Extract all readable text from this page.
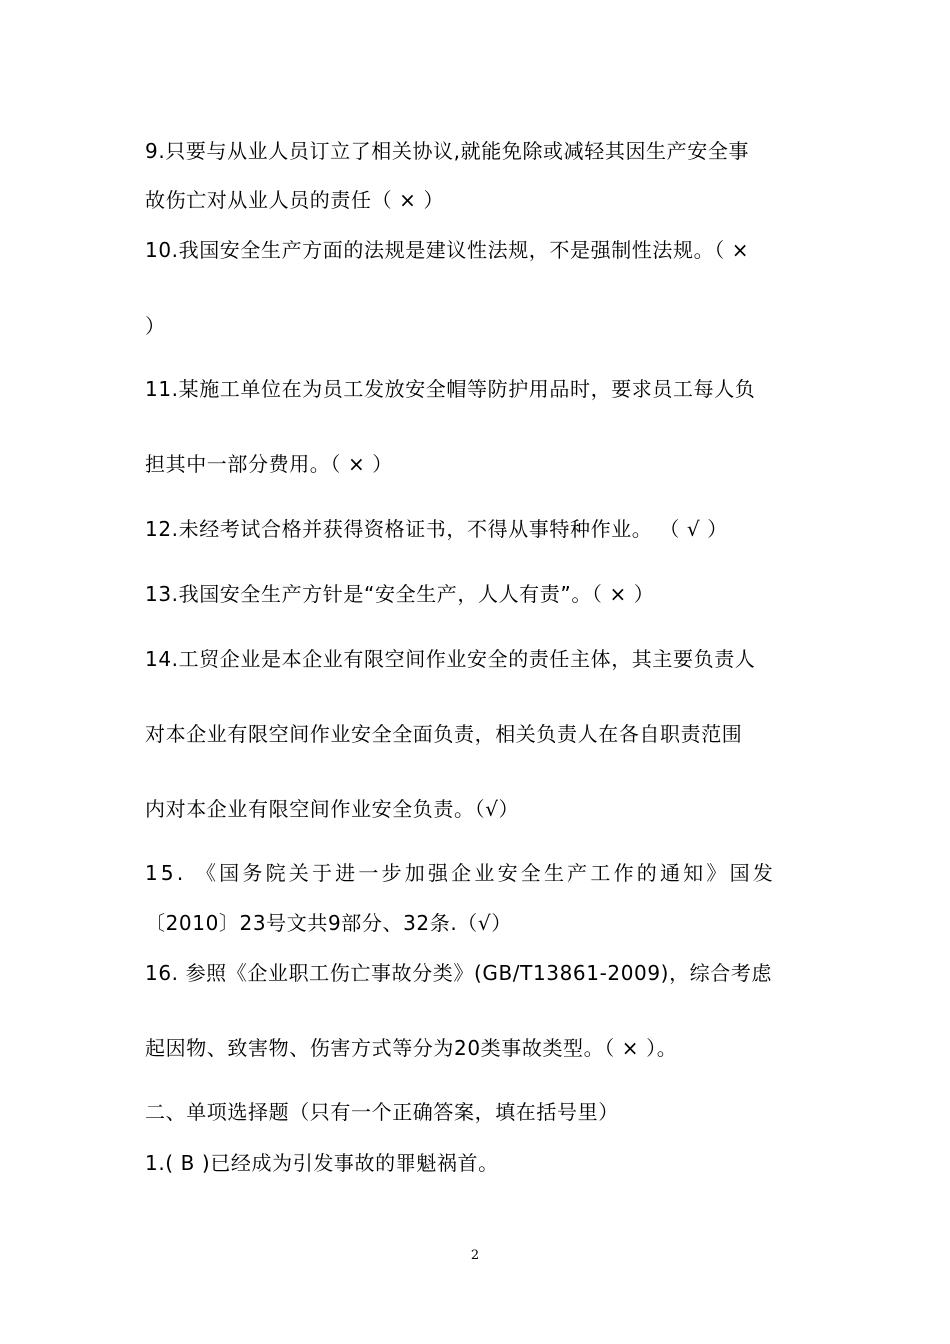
9.只要与从业人员订立了相关协议,就能免除或减轻其因生产安全事
故伤亡对从业人员的责任（ × ）
10.我国安全生产方面的法规是建议性法规，不是强制性法规。（ ×
）
11.某施工单位在为员工发放安全帽等防护用品时，要求员工每人负
担其中一部分费用。（ × ）
12.未经考试合格并获得资格证书，不得从事特种作业。 （ √ ）
13.我国安全生产方针是“安全生产，人人有责”。（ × ）
14.工贸企业是本企业有限空间作业安全的责任主体，其主要负责人
对本企业有限空间作业安全全面负责，相关负责人在各自职责范围
内对本企业有限空间作业安全负责。（√）
15. 《国务院关于进一步加强企业安全生产工作的通知》国发
〔2010〕23号文共9部分、32条.（√）
16. 参照《企业职工伤亡事故分类》(GB/T13861-2009)，综合考虑
起因物、致害物、伤害方式等分为20类事故类型。（ × ）。
二、单项选择题（只有一个正确答案，填在括号里）
1.( B )已经成为引发事故的罪魁祸首。
2
